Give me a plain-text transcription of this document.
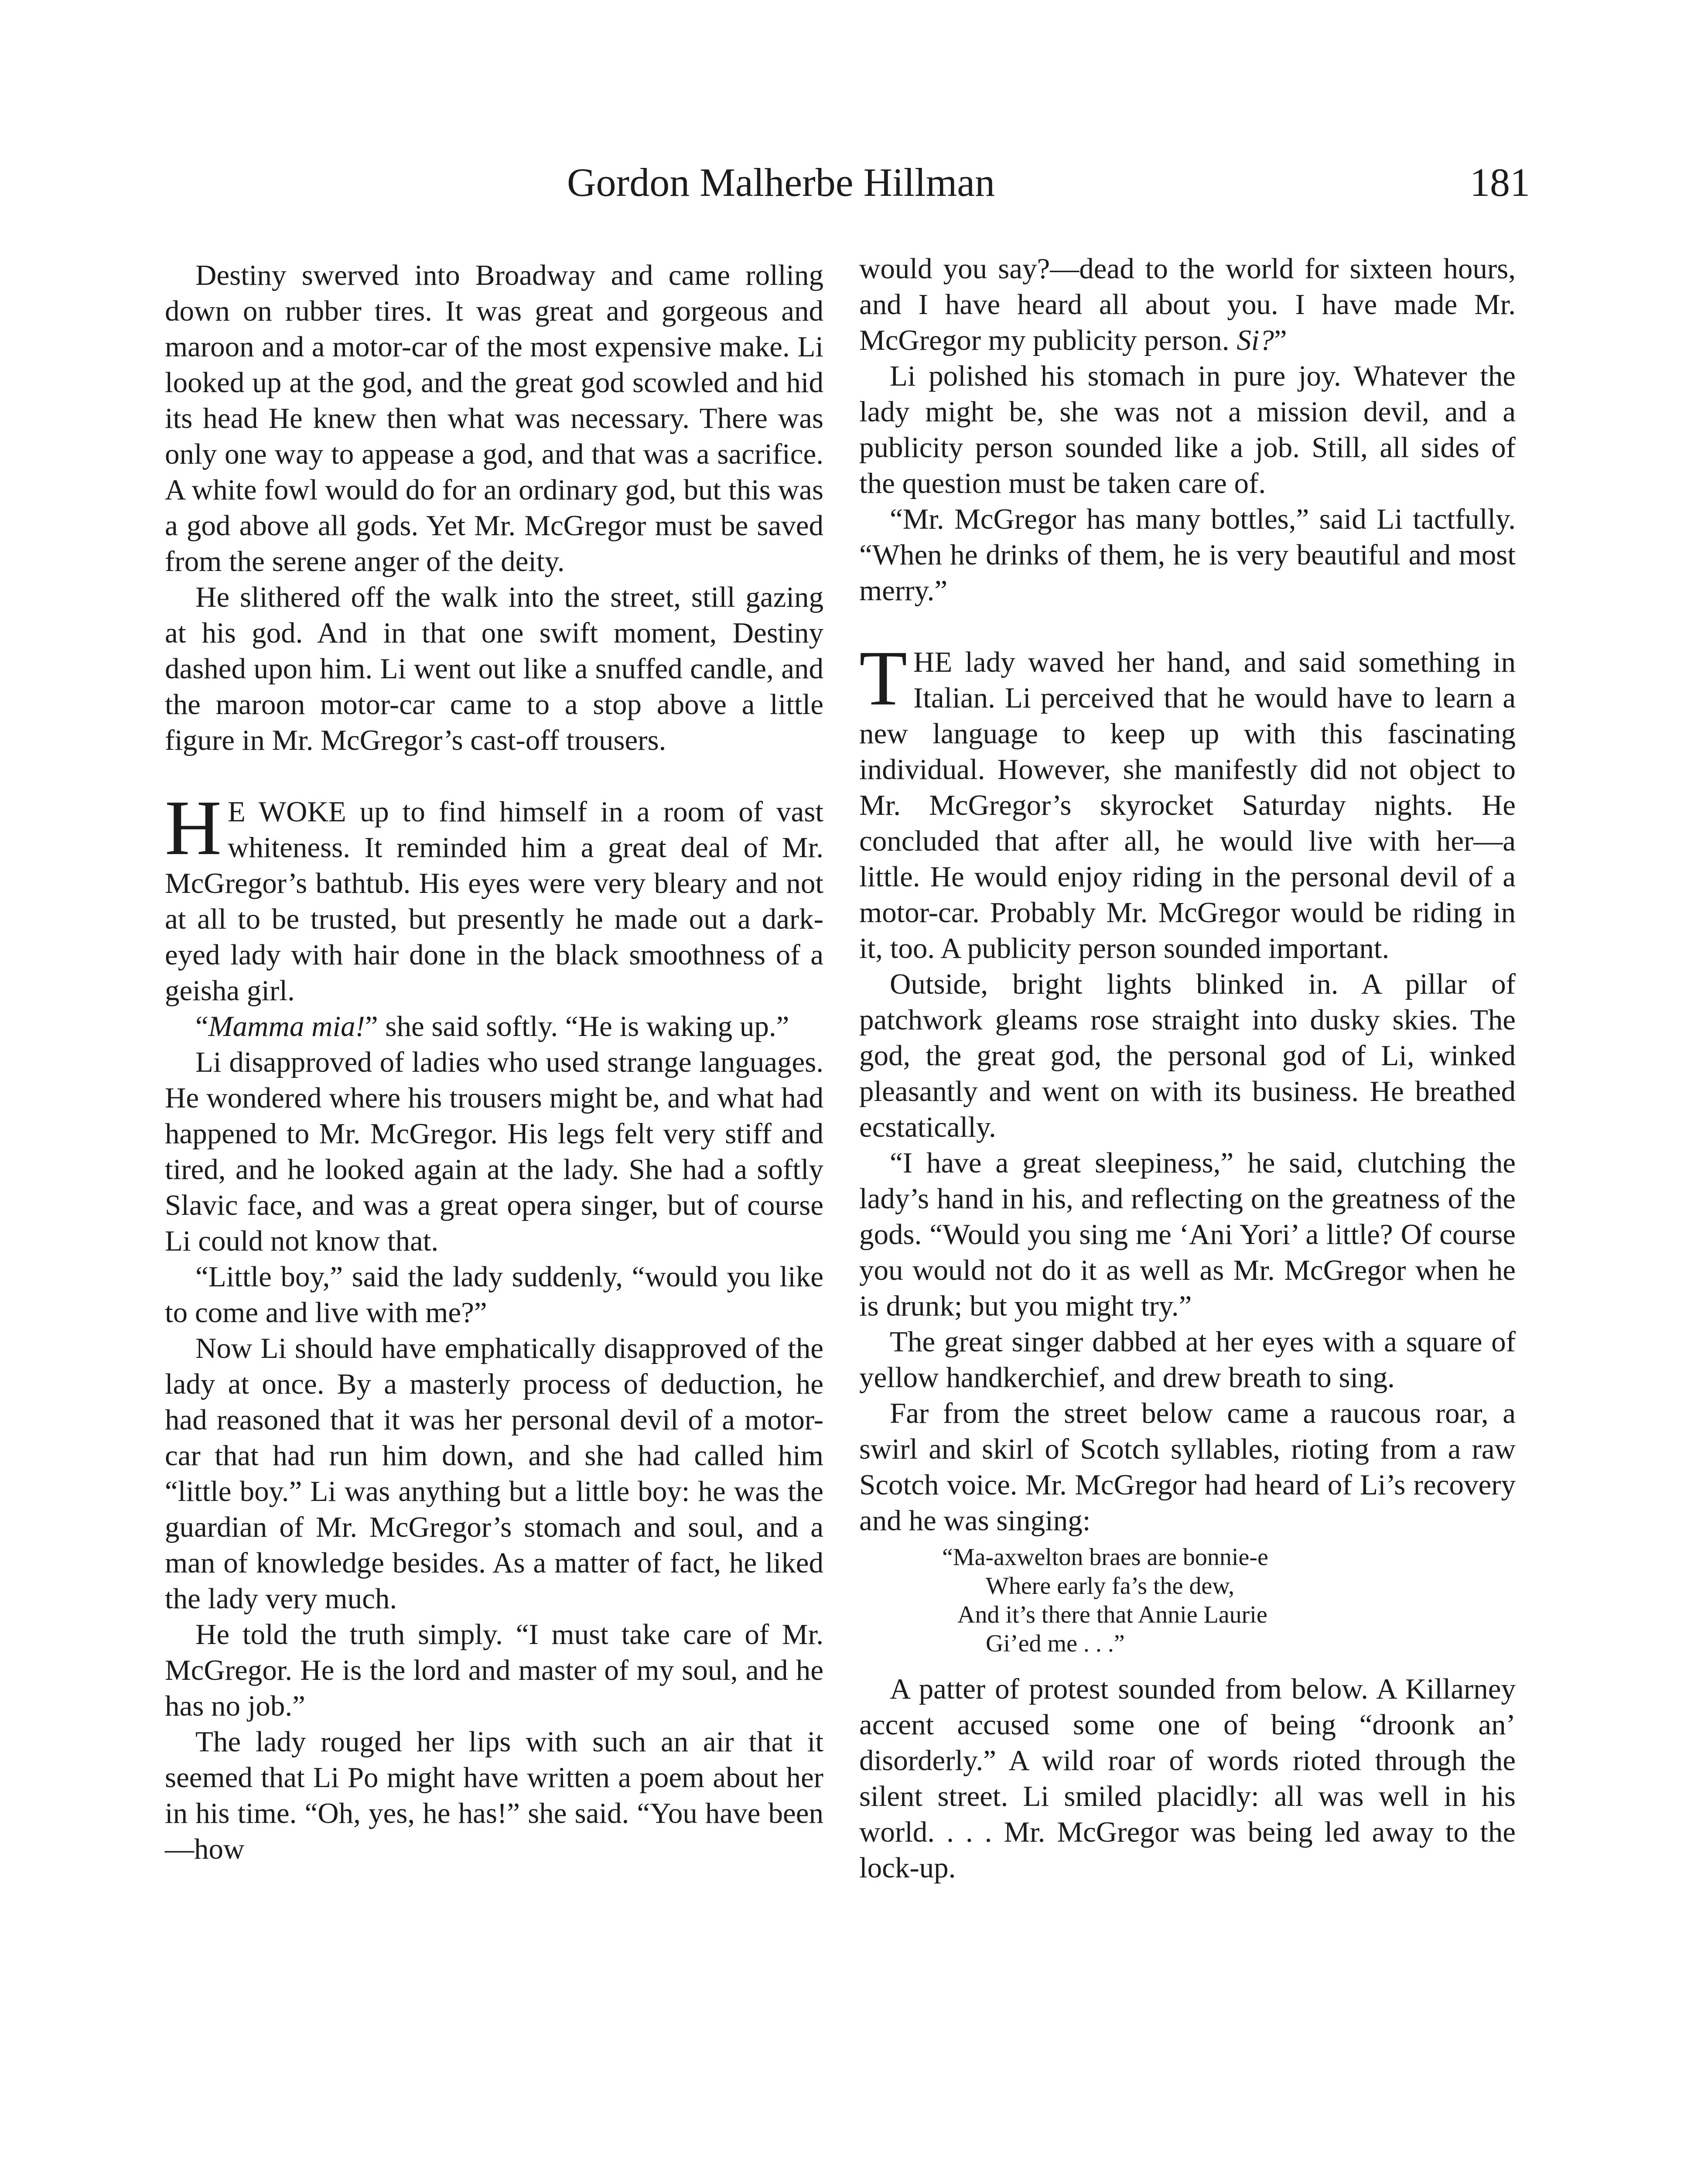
Gordon Malherbe Hillman	181

Destiny swerved into Broadway and came rolling down on rubber tires. It was great and gorgeous and maroon and a motor-car of the most expensive make. Li looked up at the god, and the great god scowled and hid its head He knew then what was necessary. There was only one way to appease a god, and that was a sacrifice. A white fowl would do for an ordinary god, but this was a god above all gods. Yet Mr. McGregor must be saved from the serene anger of the deity.

He slithered off the walk into the street, still gazing at his god. And in that one swift moment, Destiny dashed upon him. Li went out like a snuffed candle, and the maroon motor-car came to a stop above a little figure in Mr. McGregor’s cast-off trousers.

H E WOKE up to find himself in a room of vast whiteness. It reminded him a great deal of Mr. McGregor’s bathtub. His eyes were very bleary and not at all to be trusted, but presently he made out a dark-eyed lady with hair done in the black smoothness of a geisha girl.

“Mamma mia!” she said softly. “He is waking up.”

Li disapproved of ladies who used strange languages. He wondered where his trousers might be, and what had happened to Mr. McGregor. His legs felt very stiff and tired, and he looked again at the lady. She had a softly Slavic face, and was a great opera singer, but of course Li could not know that.

“Little boy,” said the lady suddenly, “would you like to come and live with me?”

Now Li should have emphatically disapproved of the lady at once. By a masterly process of deduction, he had reasoned that it was her personal devil of a motor-car that had run him down, and she had called him “little boy.” Li was anything but a little boy: he was the guardian of Mr. McGregor’s stomach and soul, and a man of knowledge besides. As a matter of fact, he liked the lady very much.

He told the truth simply. “I must take care of Mr. McGregor. He is the lord and master of my soul, and he has no job.”

The lady rouged her lips with such an air that it seemed that Li Po might have written a poem about her in his time. “Oh, yes, he has!” she said. “You have been—how

would you say?—dead to the world for sixteen hours, and I have heard all about you. I have made Mr. McGregor my publicity person. Si?”

Li polished his stomach in pure joy. Whatever the lady might be, she was not a mission devil, and a publicity person sounded like a job. Still, all sides of the question must be taken care of.

“Mr. McGregor has many bottles,” said Li tactfully. “When he drinks of them, he is very beautiful and most merry.”

THE lady waved her hand, and said something in Italian. Li perceived that he would have to learn a new language to keep up with this fascinating individual. However, she manifestly did not object to Mr. McGregor’s skyrocket Saturday nights. He concluded that after all, he would live with her—a little. He would enjoy riding in the personal devil of a motor-car. Probably Mr. McGregor would be riding in it, too. A publicity person sounded important.

Outside, bright lights blinked in. A pillar of patchwork gleams rose straight into dusky skies. The god, the great god, the personal god of Li, winked pleasantly and went on with its business. He breathed ecstatically.

“I have a great sleepiness,” he said, clutching the lady’s hand in his, and reflecting on the greatness of the gods. “Would you sing me ‘Ani Yori’ a little? Of course you would not do it as well as Mr. McGregor when he is drunk; but you might try.”

The great singer dabbed at her eyes with a square of yellow handkerchief, and drew breath to sing.

Far from the street below came a raucous roar, a swirl and skirl of Scotch syllables, rioting from a raw Scotch voice. Mr. McGregor had heard of Li’s recovery and he was singing:

“Ma-axwelton braes are bonnie-e
Where early fa’s the dew,
And it’s there that Annie Laurie
Gi’ed me . . .”

A patter of protest sounded from below. A Killarney accent accused some one of being “droonk an’ disorderly.” A wild roar of words rioted through the silent street. Li smiled placidly: all was well in his world. . . . Mr. McGregor was being led away to the lock-up.
